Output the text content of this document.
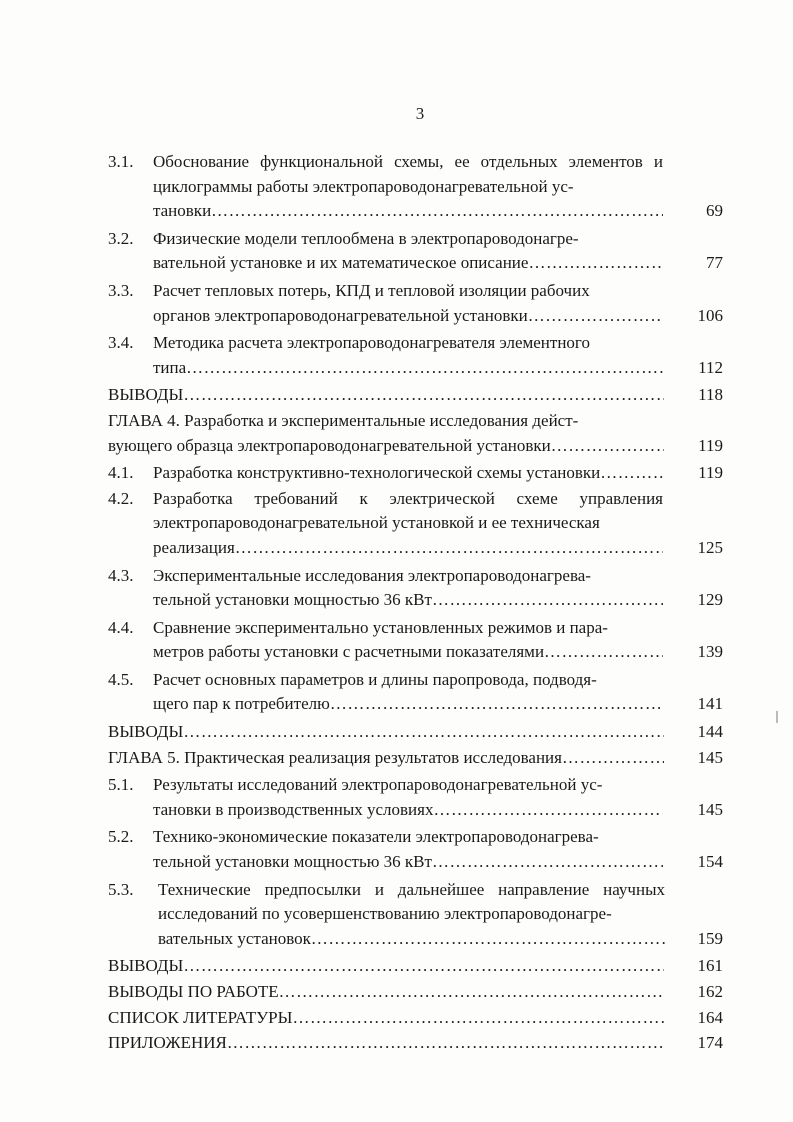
3
3.1.	Обоснование функциональной схемы, ее отдельных элементов и циклограммы работы электропароводонагревательной ус-
тановки …………………………………………………………………………………………………………………………	69
3.2.	Физические модели теплообмена в электропароводонагре-
вательной установке и их математическое описание …………………………………………………………………………………………………………………………	77
3.3.	Расчет тепловых потерь, КПД и тепловой изоляции рабочих
органов электропароводонагревательной установки …………………………………………………………………………………………………………………………	106
3.4.	Методика расчета электропароводонагревателя элементного
типа …………………………………………………………………………………………………………………………	112
ВЫВОДЫ …………………………………………………………………………………………………………………………	118
ГЛАВА 4. Разработка и экспериментальные исследования дейст-
вующего образца электропароводонагревательной установки …………………………………………………………………………………………………………………………	119
4.1.	Разработка конструктивно-технологической схемы установки …………………………………………………………………………………………………………………………	119
4.2.	Разработка требований к электрической схеме управления электропароводонагревательной установкой и ее техническая
реализация …………………………………………………………………………………………………………………………	125
4.3.	Экспериментальные исследования электропароводонагрева-
тельной установки мощностью 36 кВт …………………………………………………………………………………………………………………………	129
4.4.	Сравнение экспериментально установленных режимов и пара-
метров работы установки с расчетными показателями …………………………………………………………………………………………………………………………	139
4.5.	Расчет основных параметров и длины паропровода, подводя-
щего пар к потребителю …………………………………………………………………………………………………………………………	141
ВЫВОДЫ …………………………………………………………………………………………………………………………	144
ГЛАВА 5. Практическая реализация результатов исследования …………………………………………………………………………………………………………………………	145
5.1.	Результаты исследований электропароводонагревательной ус-
тановки в производственных условиях …………………………………………………………………………………………………………………………	145
5.2.	Технико-экономические показатели электропароводонагрева-
тельной установки мощностью 36 кВт …………………………………………………………………………………………………………………………	154
5.3.	Технические предпосылки и дальнейшее направление научных исследований по усовершенствованию электропароводонагре-
вательных установок …………………………………………………………………………………………………………………………	159
ВЫВОДЫ …………………………………………………………………………………………………………………………	161
ВЫВОДЫ ПО РАБОТЕ …………………………………………………………………………………………………………………………	162
СПИСОК ЛИТЕРАТУРЫ …………………………………………………………………………………………………………………………	164
ПРИЛОЖЕНИЯ …………………………………………………………………………………………………………………………	174
